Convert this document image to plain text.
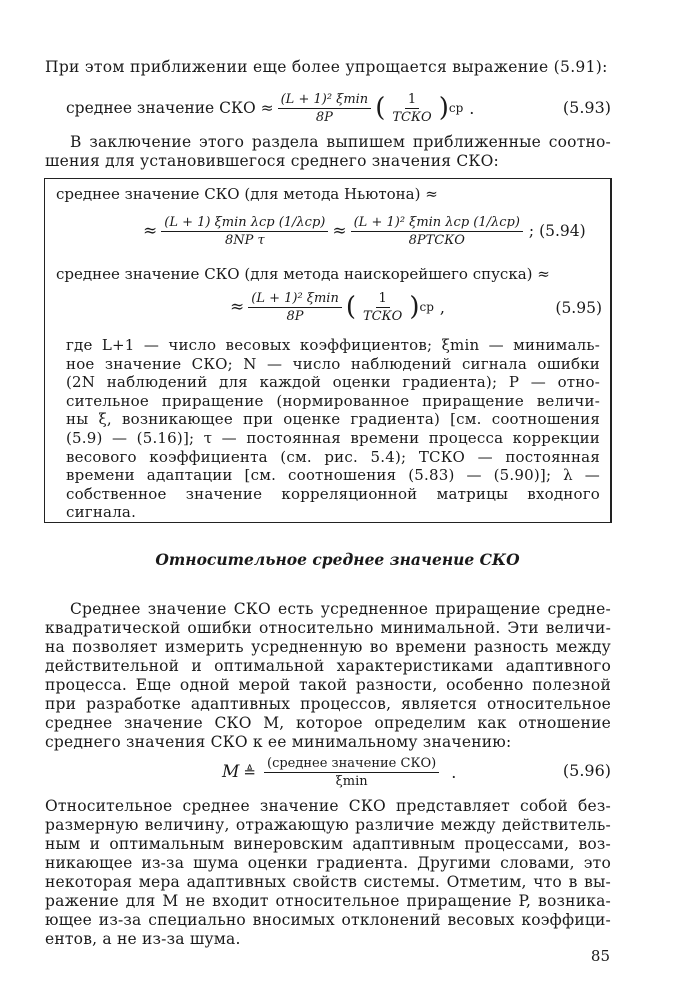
При этом приближении еще более упрощается выражение (5.91):
среднее значение СКО ≈ $\frac{\text{(L + 1)² ξmin}}{8P}$ ( $\frac{1}{\text{TСКО}}$ ) ср .	(5.93)
В заключение этого раздела выпишем приближенные соотно-
шения для установившегося среднего значения СКО:
среднее значение СКО (для метода Ньютона) ≈
≈ $\frac{\text{(L + 1) ξmin λcp (1/λcp)}}{\text{8NP τ}} \approx \frac{\text{(L + 1)² ξmin λcp (1/λcp)}}{\text{8PTСКО}}$ ; (5.94)
среднее значение СКО (для метода наискорейшего спуска) ≈
≈ $\frac{\text{(L + 1)² ξmin}}{8P}$ ( $\frac{1}{\text{TСКО}}$ ) ср ,	(5.95)
где L+1 — число весовых коэффициентов; ξmin — минималь-
ное значение СКО; N — число наблюдений сигнала ошибки
(2N наблюдений для каждой оценки градиента); P — отно-
сительное приращение (нормированное приращение величи-
ны ξ, возникающее при оценке градиента) [см. соотношения
(5.9) — (5.16)]; τ — постоянная времени процесса коррекции
весового коэффициента (см. рис. 5.4); TСКО — постоянная
времени адаптации [см. соотношения (5.83) — (5.90)]; λ —
собственное значение корреляционной матрицы входного
сигнала.
Относительное среднее значение СКО
Среднее значение СКО есть усредненное приращение средне-
квадратической ошибки относительно минимальной. Эти величи-
на позволяет измерить усредненную во времени разность между
действительной и оптимальной характеристиками адаптивного
процесса. Еще одной мерой такой разности, особенно полезной
при разработке адаптивных процессов, является относительное
среднее значение СКО M, которое определим как отношение
среднего значения СКО к ее минимальному значению:
M ≜ $\frac{\text{(среднее значение СКО)}}{\xi\min}$ .	(5.96)
Относительное среднее значение СКО представляет собой без-
размерную величину, отражающую различие между действитель-
ным и оптимальным винеровским адаптивным процессами, воз-
никающее из-за шума оценки градиента. Другими словами, это
некоторая мера адаптивных свойств системы. Отметим, что в вы-
ражение для M не входит относительное приращение P, возника-
ющее из-за специально вносимых отклонений весовых коэффици-
ентов, а не из-за шума.
85
